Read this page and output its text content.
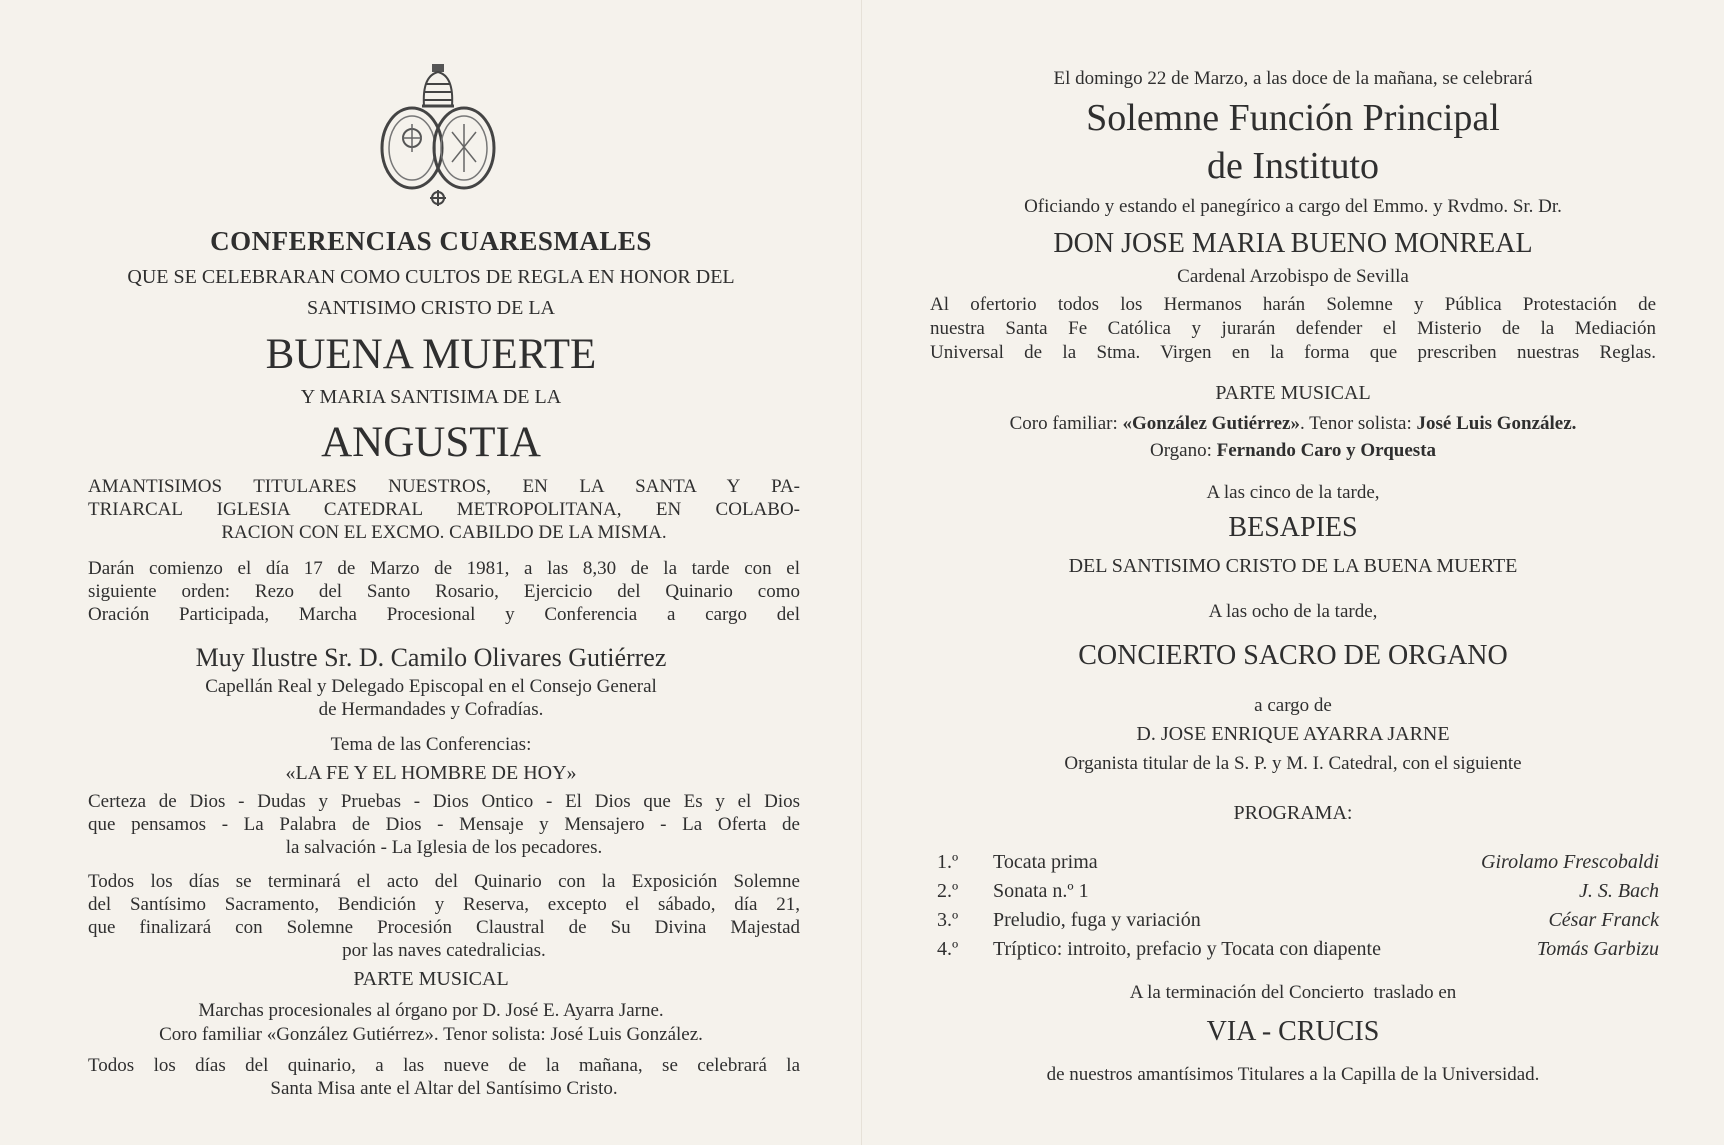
CONFERENCIAS CUARESMALES

QUE SE CELEBRARAN COMO CULTOS DE REGLA EN HONOR DEL

SANTISIMO CRISTO DE LA

BUENA MUERTE

Y MARIA SANTISIMA DE LA

ANGUSTIA

AMANTISIMOS TITULARES NUESTROS, EN LA SANTA Y PA-

TRIARCAL IGLESIA CATEDRAL METROPOLITANA, EN COLABO-

RACION CON EL EXCMO. CABILDO DE LA MISMA.

Darán comienzo el día 17 de Marzo de 1981, a las 8,30 de la tarde con el

siguiente orden: Rezo del Santo Rosario, Ejercicio del Quinario como

Oración Participada, Marcha Procesional y Conferencia a cargo del

Muy Ilustre Sr. D. Camilo Olivares Gutiérrez

Capellán Real y Delegado Episcopal en el Consejo General

de Hermandades y Cofradías.

Tema de las Conferencias:

«LA FE Y EL HOMBRE DE HOY»

Certeza de Dios - Dudas y Pruebas - Dios Ontico - El Dios que Es y el Dios

que pensamos - La Palabra de Dios - Mensaje y Mensajero - La Oferta de

la salvación - La Iglesia de los pecadores.

Todos los días se terminará el acto del Quinario con la Exposición Solemne

del Santísimo Sacramento, Bendición y Reserva, excepto el sábado, día 21,

que finalizará con Solemne Procesión Claustral de Su Divina Majestad

por las naves catedralicias.

PARTE MUSICAL

Marchas procesionales al órgano por D. José E. Ayarra Jarne.

Coro familiar «González Gutiérrez». Tenor solista: José Luis González.

Todos los días del quinario, a las nueve de la mañana, se celebrará la

Santa Misa ante el Altar del Santísimo Cristo.

El domingo 22 de Marzo, a las doce de la mañana, se celebrará

Solemne Función Principal

de Instituto

Oficiando y estando el panegírico a cargo del Emmo. y Rvdmo. Sr. Dr.

DON JOSE MARIA BUENO MONREAL

Cardenal Arzobispo de Sevilla

Al ofertorio todos los Hermanos harán Solemne y Pública Protestación de

nuestra Santa Fe Católica y jurarán defender el Misterio de la Mediación

Universal de la Stma. Virgen en la forma que prescriben nuestras Reglas.

PARTE MUSICAL

Coro familiar: «González Gutiérrez». Tenor solista: José Luis González.

Organo: Fernando Caro y Orquesta

A las cinco de la tarde,

BESAPIES

DEL SANTISIMO CRISTO DE LA BUENA MUERTE

A las ocho de la tarde,

CONCIERTO SACRO DE ORGANO

a cargo de

D. JOSE ENRIQUE AYARRA JARNE

Organista titular de la S. P. y M. I. Catedral, con el siguiente

PROGRAMA:

1.º	Tocata prima	Girolamo Frescobaldi
2.º	Sonata n.º 1	J. S. Bach
3.º	Preludio, fuga y variación	César Franck
4.º	Tríptico: introito, prefacio y Tocata con diapente	Tomás Garbizu

A la terminación del Concierto  traslado en

VIA - CRUCIS

de nuestros amantísimos Titulares a la Capilla de la Universidad.
